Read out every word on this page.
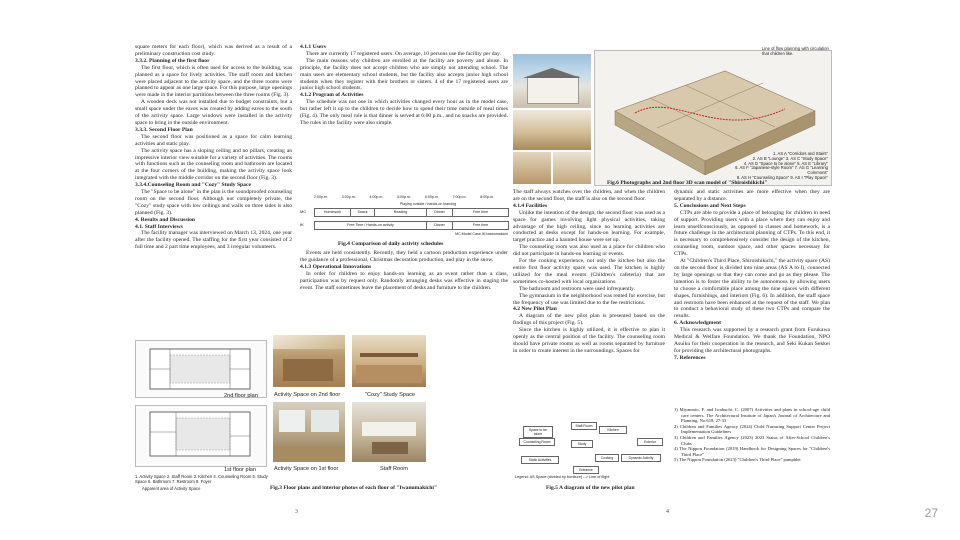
square meters for each floor), which was derived as a result of a preliminary construction cost study.

3.3.2. Planning of the first floor

The first floor, which is often used for access to the building, was planned as a space for lively activities. The staff room and kitchen were placed adjacent to the activity space, and the three rooms were planned to appear as one large space. For this purpose, large openings were made in the interior partitions between the three rooms (Fig. 3).

A wooden deck was not installed due to budget constraints, but a small space under the eaves was created by adding eaves to the south of the activity space. Large windows were installed in the activity space to bring in the outside environment.

3.3.3. Second Floor Plan

The second floor was positioned as a space for calm learning activities and static play.

The activity space has a sloping ceiling and no pillars, creating an impressive interior view suitable for a variety of activities. The rooms with functions such as the counseling room and bathroom are located at the four corners of the building, making the activity space look integrated with the middle corridor on the second floor (Fig. 3).

3.3.4.Counseling Room and "Cozy" Study Space

The "Space to be alone" in the plan is the soundproofed counseling room on the second floor. Although not completely private, the "Cozy" study space with low ceilings and walls on three sides is also planned (Fig. 3).

4. Results and Discussion

4.1. Staff Interviews

The facility manager was interviewed on March 13, 2024, one year after the facility opened. The staffing for the first year consisted of 2 full time and 2 part time employees, and 3 irregular volunteers.

4.1.1 Users

There are currently 17 registered users. On average, 10 persons use the facility per day.

The main reasons why children are enrolled at the facility are poverty and abuse. In principle, the facility does not accept children who are simply not attending school. The main users are elementary school students, but the facility also accepts junior high school students when they register with their brothers or sisters. 4 of the 17 registered users are junior high school students.

4.1.2 Program of Activities

The schedule was not one in which activities changed every hour as in the model case, but rather left it up to the children to decide how to spend their time outside of meal times (Fig. 4). The only meal rule is that dinner is served at 6:00 p.m., and no snacks are provided. The rules in the facility were also simple.

2:00p.m.	3:00p.m.	4:00p.m.	5:00p.m.	6:00p.m.	7:00p.m.	8:00p.m.
Playing outside / hands-on learning
MC	Homework	Snack	Reading	Dinner	Free time
IK	Free Time / Hands-on activity	Dinner	Free time
MC:Model Case IK:Iwanumakichi
Fig.4 Comparison of daily activity schedules

Events are held consistently. Recently, they held a cartoon production experience under the guidance of a professional, Christmas decoration production, and play in the snow.

4.1.3 Operational Innovations

In order for children to enjoy hands-on learning as an event rather than a class, participation was by request only. Randomly arranging desks was effective in staging the event. The staff sometimes leave the placement of desks and furniture to the children.

2nd floor plan
1st floor plan
1. Activity Space 2. Staff Room 3. Kitchen 4. Counseling Room 5. Study Space 6. Bathroom 7. Restroom 8. Foyer
Apparent area of Activity Space
Activity Space on 2nd floor	"Cozy" Study Space
Activity Space on 1st floor	Staff Room
Fig.3 Floor plans and interior photos of each floor of "Iwanumakichi"
3
Line of flow planning with circulation that children like.
1. AS A "Corridors and Stairs"
2. AS B "Lounge" 3. AS C "Study Space"
4. AS D "Space to be alone" 5. AS E "Library"
6. AS F "Japanese-style Room" 7. AS G "Learning Commons"
8. AS H "Counseling Space" 9. AS I "Play Space"
Fig.6 Photographs and 2nd floor 3D scan model of "Shiroishikichi"

The staff always watches over the children, and when the children are on the second floor, the staff is also on the second floor.

4.1.4 Facilities

Unlike the intention of the design, the second floor was used as a space for games involving light physical activities, taking advantage of the high ceiling, since no learning activities are conducted at desks except for hands-on learning. For example, target practice and a haunted house were set up.

The counseling room was also used as a place for children who did not participate in hands-on learning or events.

For the cooking experience, not only the kitchen but also the entire first floor activity space was used. The kitchen is highly utilized for the meal events (Children's cafeteria) that are sometimes co-hosted with local organizations.

The bathroom and restroom were used infrequently.

The gymnasium in the neighborhood was rented for exercise, but the frequency of use was limited due to the fee restrictions.

4.2 New Pilot Plan

A diagram of the new pilot plan is presented based on the findings of this project (Fig. 5).

Since the kitchen is highly utilized, it is effective to plan it openly as the central position of the facility. The counseling room should have private rooms as well as rooms separated by furniture in order to create interest in the surroundings. Spaces for

dynamic and static activities are more effective when they are separated by a distance.

5. Conclusions and Next Steps

CTPs are able to provide a place of belonging for children in need of support. Providing users with a place where they can enjoy and learn unselfconsciously, as opposed to classes and homework, is a future challenge in the architectural planning of CTPs. To this end, it is necessary to comprehensively consider the design of the kitchen, counseling room, outdoor space, and other spaces necessary for CTPs.

At "Children's Third Place, Shiroishikichi," the activity space (AS) on the second floor is divided into nine areas (AS A to I), connected by large openings so that they can come and go as they please. The intention is to foster the ability to be autonomous by allowing users to choose a comfortable place among the nine spaces with different shapes, furnishings, and interiors (Fig. 6). In addition, the staff space and restroom have been enhanced at the request of the staff. We plan to conduct a behavioral study of these two CTPs and compare the results.

6. Acknowledgment

This research was supported by a research grant from Furukawa Medical & Welfare Foundation. We thank the Foundation, NPO Asuiku for their cooperation in the research, and Seki Kukan Sekkei for providing the architectural photographs.

7. References

1) Miyamoto, F. and Iwabuchi, C. (2007) Activities and plans in school-age child care centers. The Architectural Institute of Japan's Journal of Architecture and Planning, No.618, 27-33

2) Children and Families Agency (2024) Child Nurturing Support Center Project Implementation Guidelines

3) Children and Families Agency (2023) 2023 Status of After-School Children's Clubs

4) The Nippon Foundation (2019) Handbook for Designing Spaces for "Children's Third Place"

5) The Nippon Foundation (2023) "Children's Third Place" pamphlet

Space to be alone
Counseling Room
Staff Room
Kitchen
Static Activities	Cooking	Dynamic Activity
Entrance
Exterior
Study
Legend: AS Space (divided by furniture) --> Line of flight
Fig.5 A diagram of the new pilot plan
4	27
